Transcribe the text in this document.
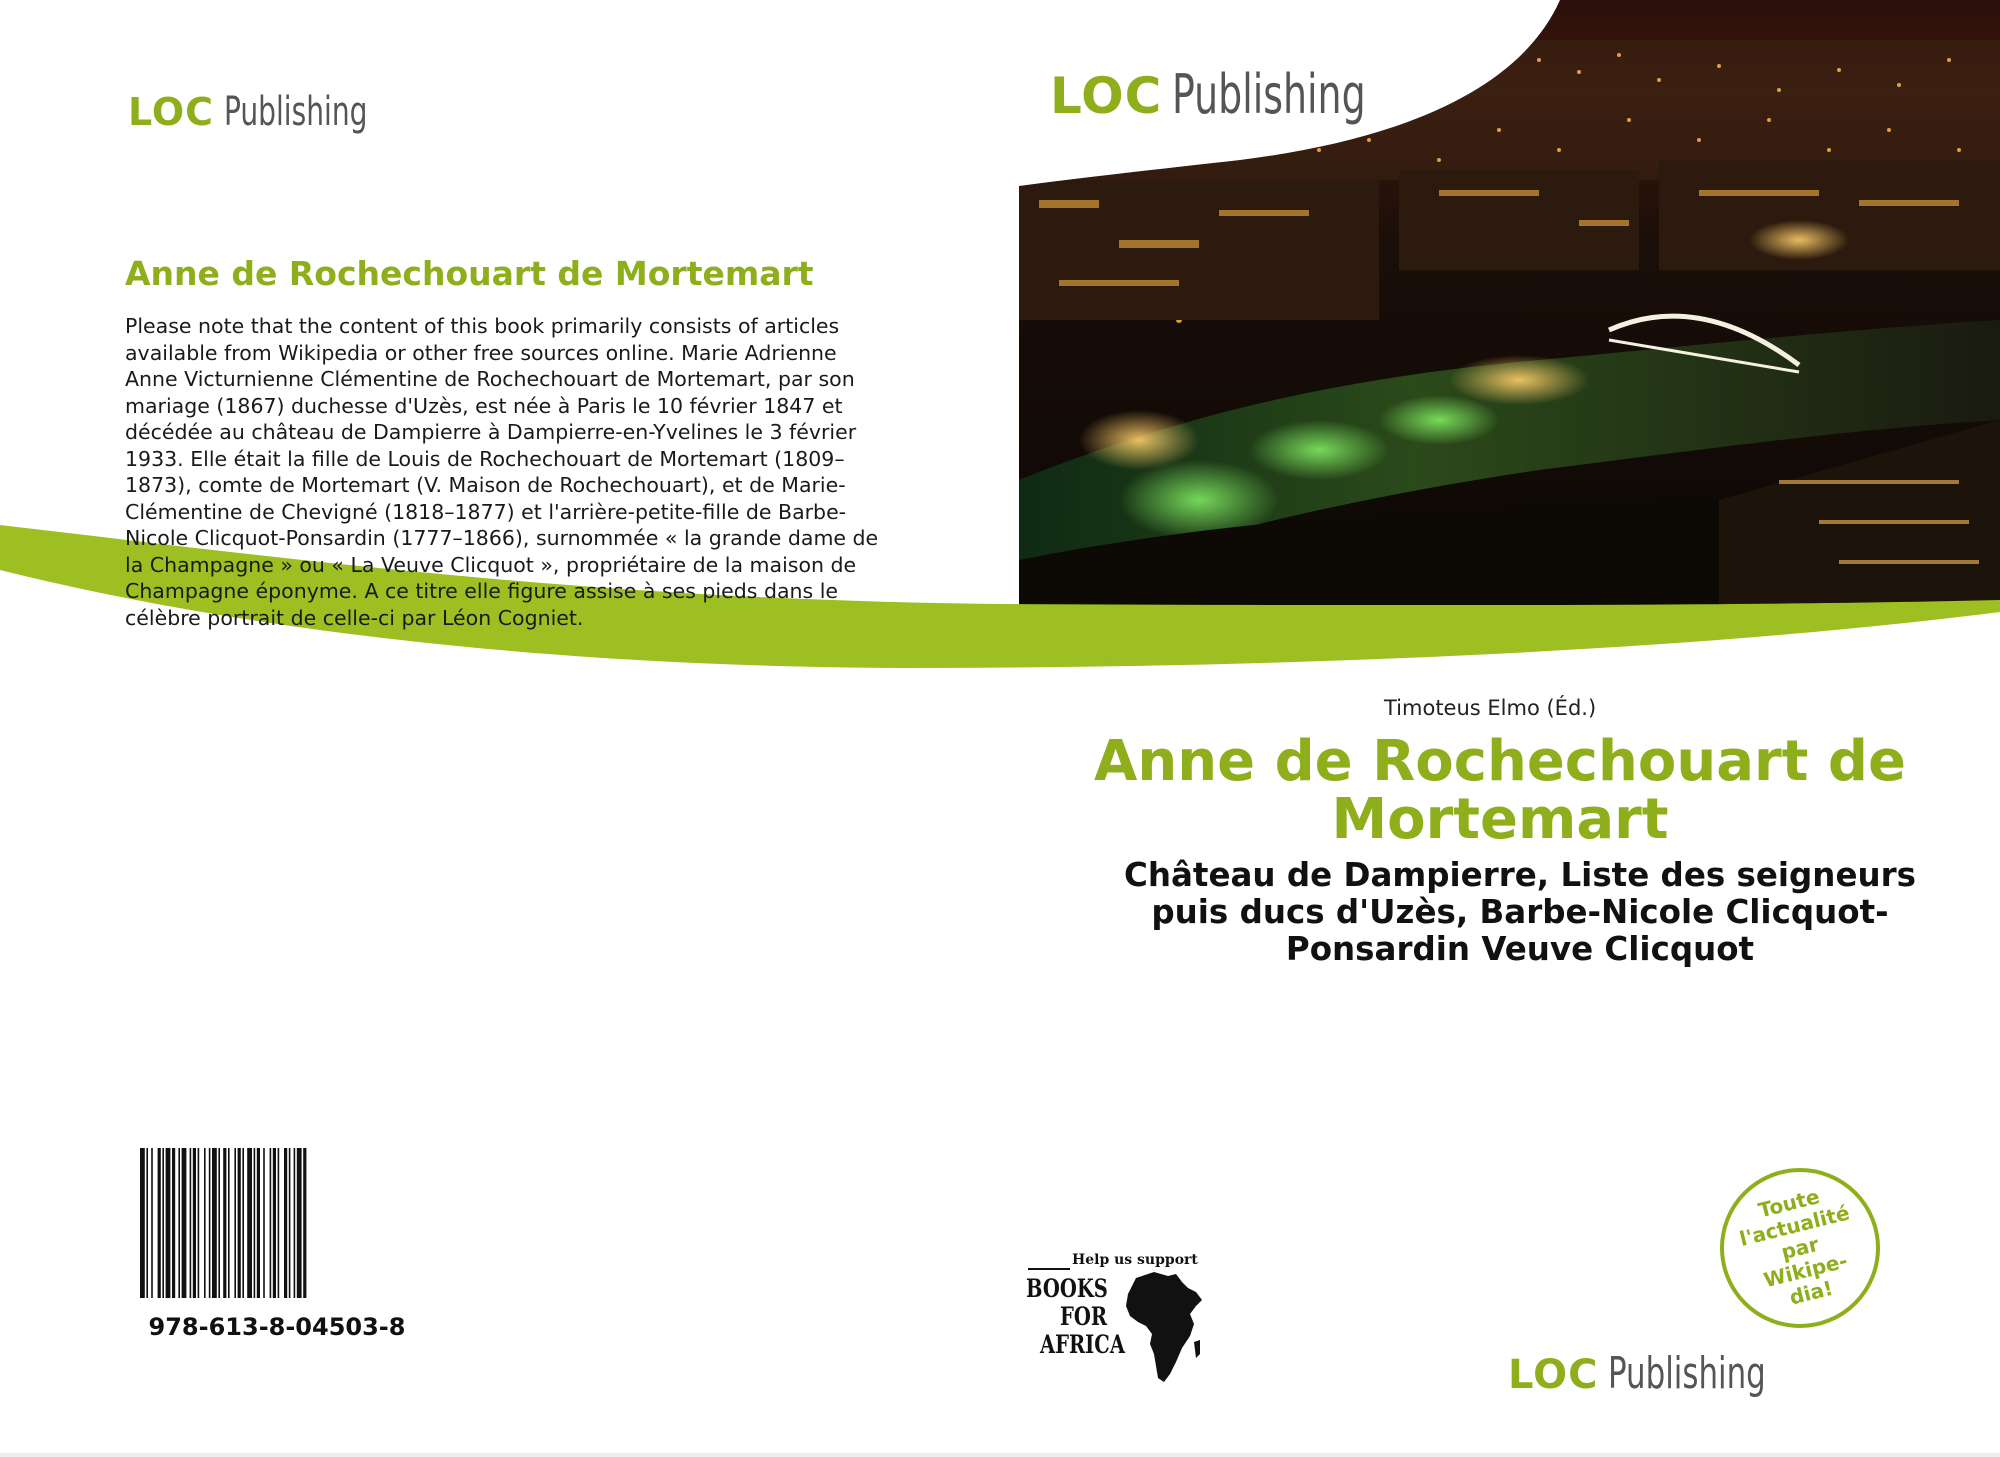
LOC Publishing	LOC Publishing
LOC Publishing
Anne de Rochechouart de Mortemart

Please note that the content of this book primarily consists of articles available from Wikipedia or other free sources online. Marie Adrienne Anne Victurnienne Clémentine de Rochechouart de Mortemart, par son mariage (1867) duchesse d'Uzès, est née à Paris le 10 février 1847 et décédée au château de Dampierre à Dampierre-en-Yvelines le 3 février 1933. Elle était la fille de Louis de Rochechouart de Mortemart (1809–1873), comte de Mortemart (V. Maison de Rochechouart), et de Marie-Clémentine de Chevigné (1818–1877) et l'arrière-petite-fille de Barbe-Nicole Clicquot-Ponsardin (1777–1866), surnommée « la grande dame de la Champagne » ou « La Veuve Clicquot », propriétaire de la maison de Champagne éponyme. A ce titre elle figure assise à ses pieds dans le célèbre portrait de celle-ci par Léon Cogniet.

Timoteus Elmo (Éd.)
Anne de Rochechouart de Mortemart

Château de Dampierre, Liste des seigneurs puis ducs d'Uzès, Barbe-Nicole Clicquot-Ponsardin Veuve Clicquot

978-613-8-04503-8
Help us support
BOOKS
FOR
AFRICA
Toute l'actualité par Wikipe-dia!
